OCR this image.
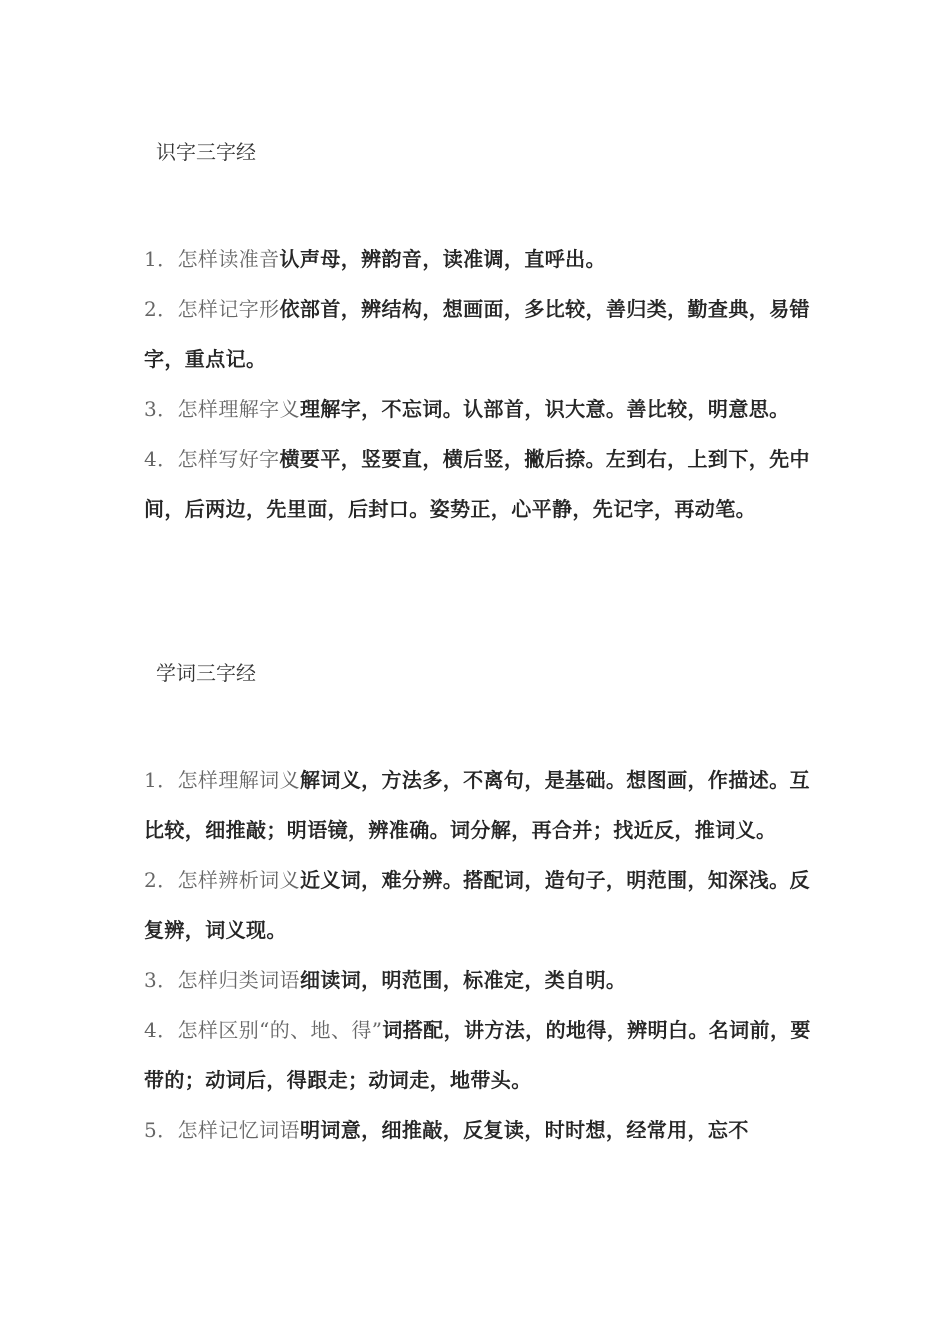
识字三字经

1．怎样读准音认声母，辨韵音，读准调，直呼出。

2．怎样记字形依部首，辨结构，想画面，多比较，善归类，勤查典，易错字，重点记。

3．怎样理解字义理解字，不忘词。认部首，识大意。善比较，明意思。

4．怎样写好字横要平，竖要直，横后竖，撇后捺。左到右，上到下，先中间，后两边，先里面，后封口。姿势正，心平静，先记字，再动笔。

学词三字经

1．怎样理解词义解词义，方法多，不离句，是基础。想图画，作描述。互比较，细推敲；明语镜，辨准确。词分解，再合并；找近反，推词义。

2．怎样辨析词义近义词，难分辨。搭配词，造句子，明范围，知深浅。反复辨，词义现。

3．怎样归类词语细读词，明范围，标准定，类自明。

4．怎样区别“的、地、得”词搭配，讲方法，的地得，辨明白。名词前，要带的；动词后，得跟走；动词走，地带头。

5．怎样记忆词语明词意，细推敲，反复读，时时想，经常用，忘不
